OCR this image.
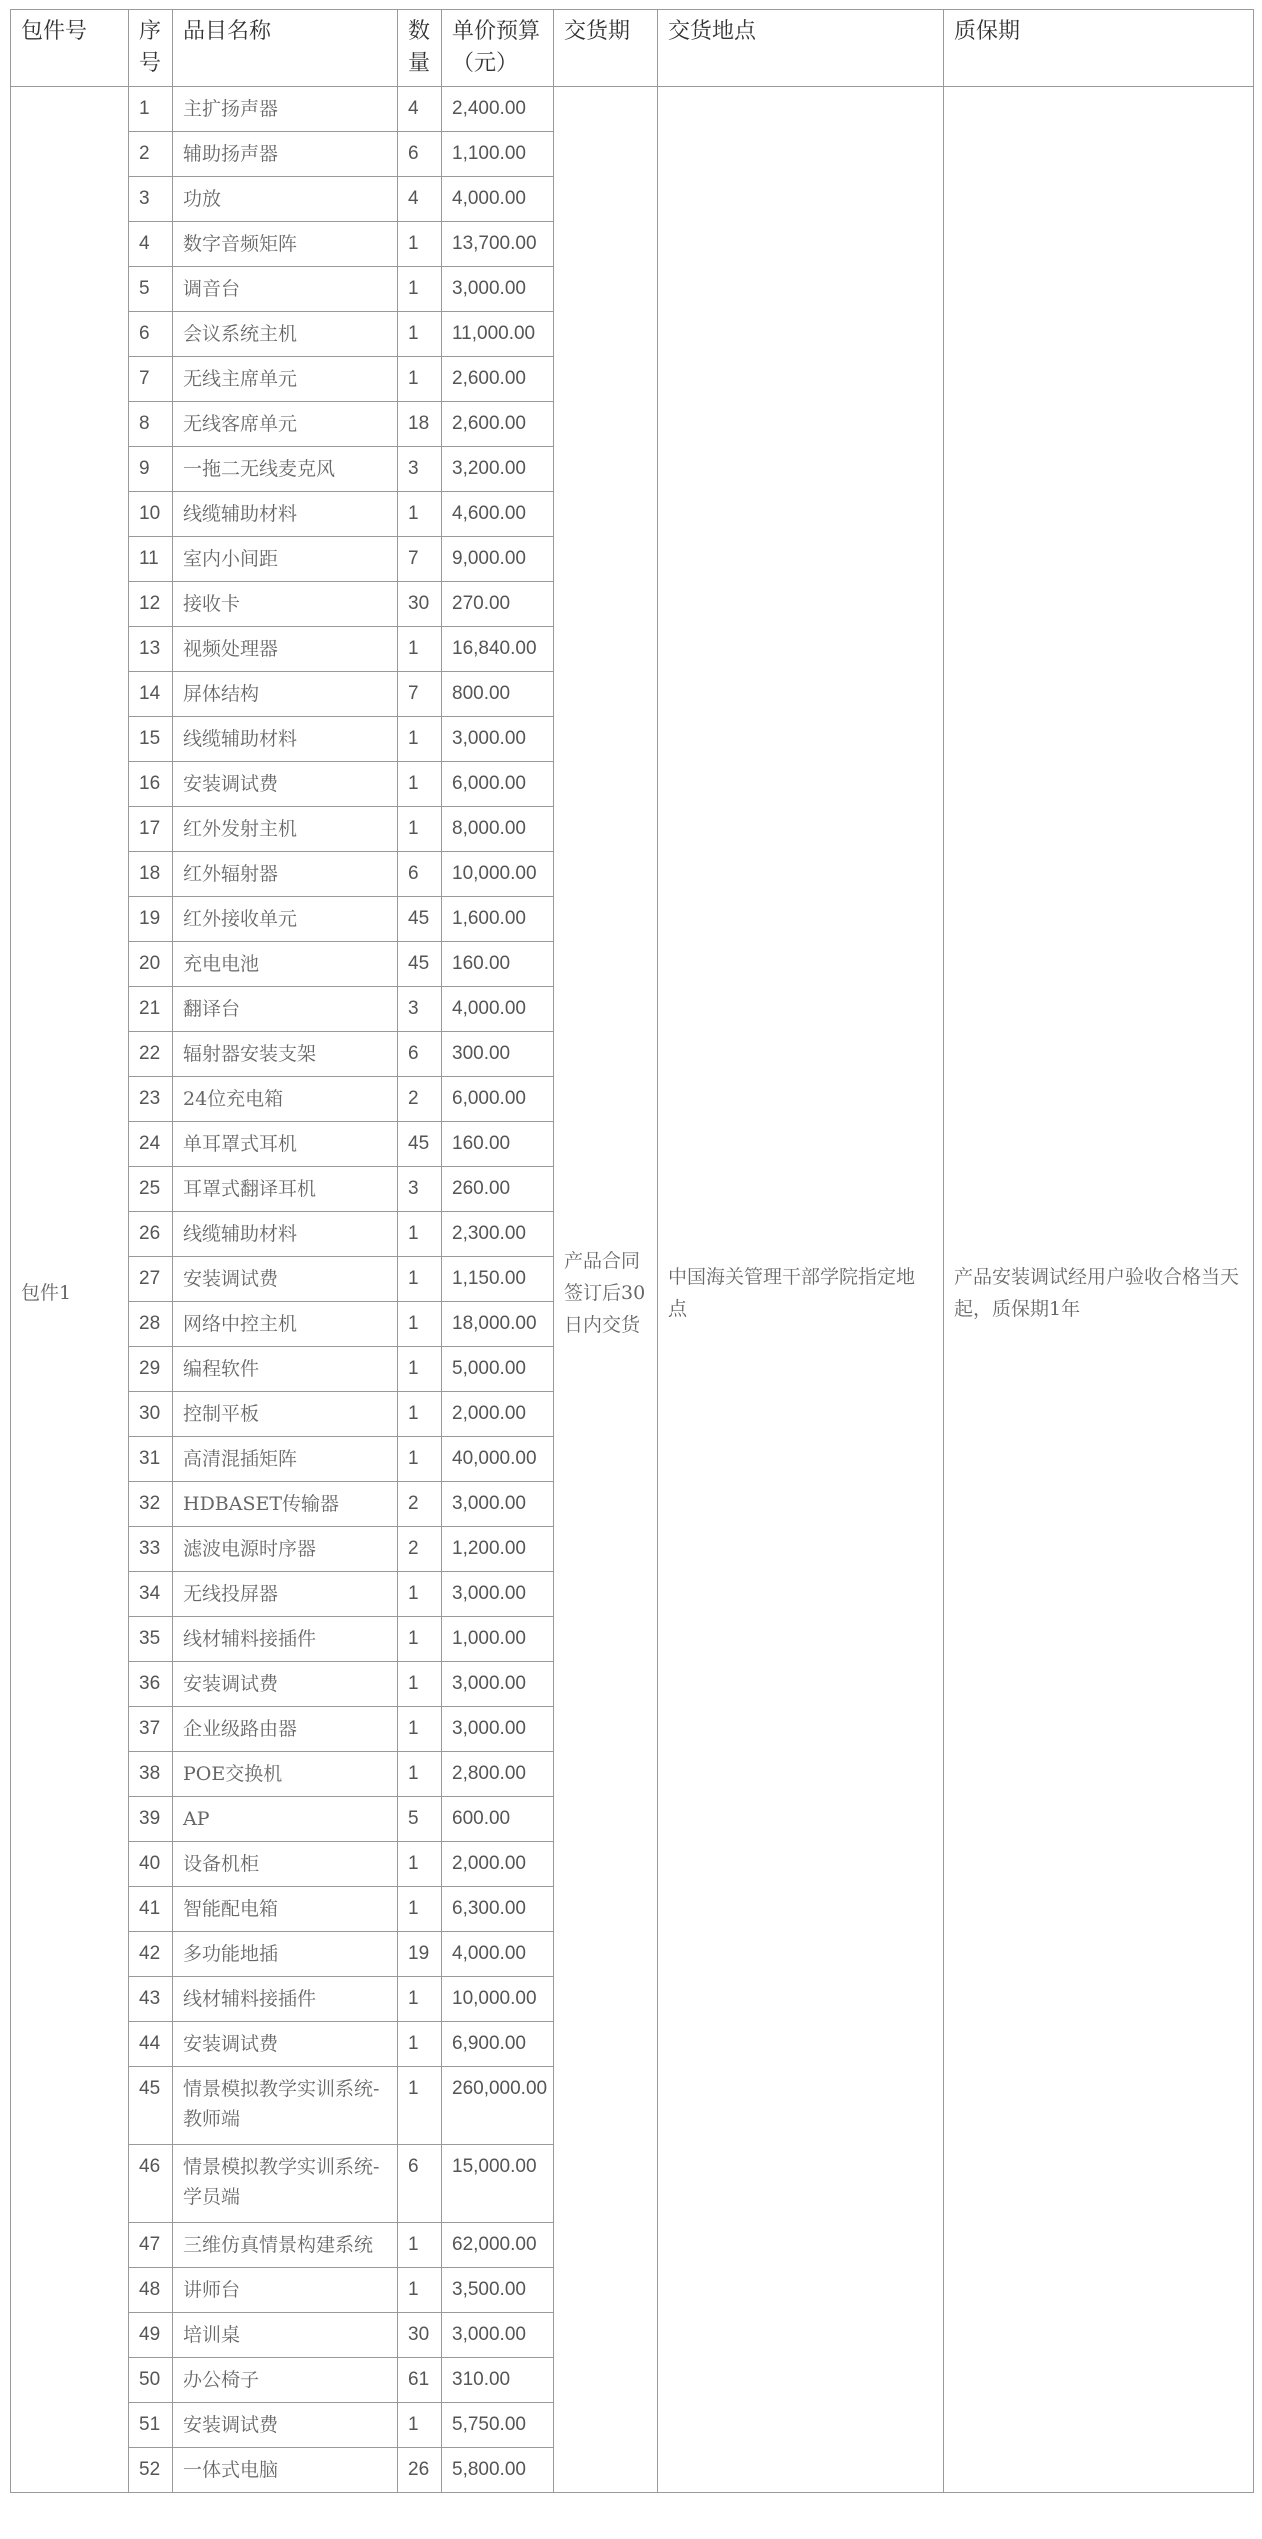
包件号	序号	品目名称	数量	单价预算（元）	交货期	交货地点	质保期
包件1	1	主扩扬声器	4	2,400.00	产品合同签订后30日内交货	中国海关管理干部学院指定地点	产品安装调试经用户验收合格当天起，质保期1年
	2	辅助扬声器	6	1,100.00			
	3	功放	4	4,000.00			
	4	数字音频矩阵	1	13,700.00			
	5	调音台	1	3,000.00			
	6	会议系统主机	1	11,000.00			
	7	无线主席单元	1	2,600.00			
	8	无线客席单元	18	2,600.00			
	9	一拖二无线麦克风	3	3,200.00			
	10	线缆辅助材料	1	4,600.00			
	11	室内小间距	7	9,000.00			
	12	接收卡	30	270.00			
	13	视频处理器	1	16,840.00			
	14	屏体结构	7	800.00			
	15	线缆辅助材料	1	3,000.00			
	16	安装调试费	1	6,000.00			
	17	红外发射主机	1	8,000.00			
	18	红外辐射器	6	10,000.00			
	19	红外接收单元	45	1,600.00			
	20	充电电池	45	160.00			
	21	翻译台	3	4,000.00			
	22	辐射器安装支架	6	300.00			
	23	24位充电箱	2	6,000.00			
	24	单耳罩式耳机	45	160.00			
	25	耳罩式翻译耳机	3	260.00			
	26	线缆辅助材料	1	2,300.00			
	27	安装调试费	1	1,150.00			
	28	网络中控主机	1	18,000.00			
	29	编程软件	1	5,000.00			
	30	控制平板	1	2,000.00			
	31	高清混插矩阵	1	40,000.00			
	32	HDBASET传输器	2	3,000.00			
	33	滤波电源时序器	2	1,200.00			
	34	无线投屏器	1	3,000.00			
	35	线材辅料接插件	1	1,000.00			
	36	安装调试费	1	3,000.00			
	37	企业级路由器	1	3,000.00			
	38	POE交换机	1	2,800.00			
	39	AP	5	600.00			
	40	设备机柜	1	2,000.00			
	41	智能配电箱	1	6,300.00			
	42	多功能地插	19	4,000.00			
	43	线材辅料接插件	1	10,000.00			
	44	安装调试费	1	6,900.00			
	45	情景模拟教学实训系统-教师端	1	260,000.00			
	46	情景模拟教学实训系统-学员端	6	15,000.00			
	47	三维仿真情景构建系统	1	62,000.00			
	48	讲师台	1	3,500.00			
	49	培训桌	30	3,000.00			
	50	办公椅子	61	310.00			
	51	安装调试费	1	5,750.00			
	52	一体式电脑	26	5,800.00			
